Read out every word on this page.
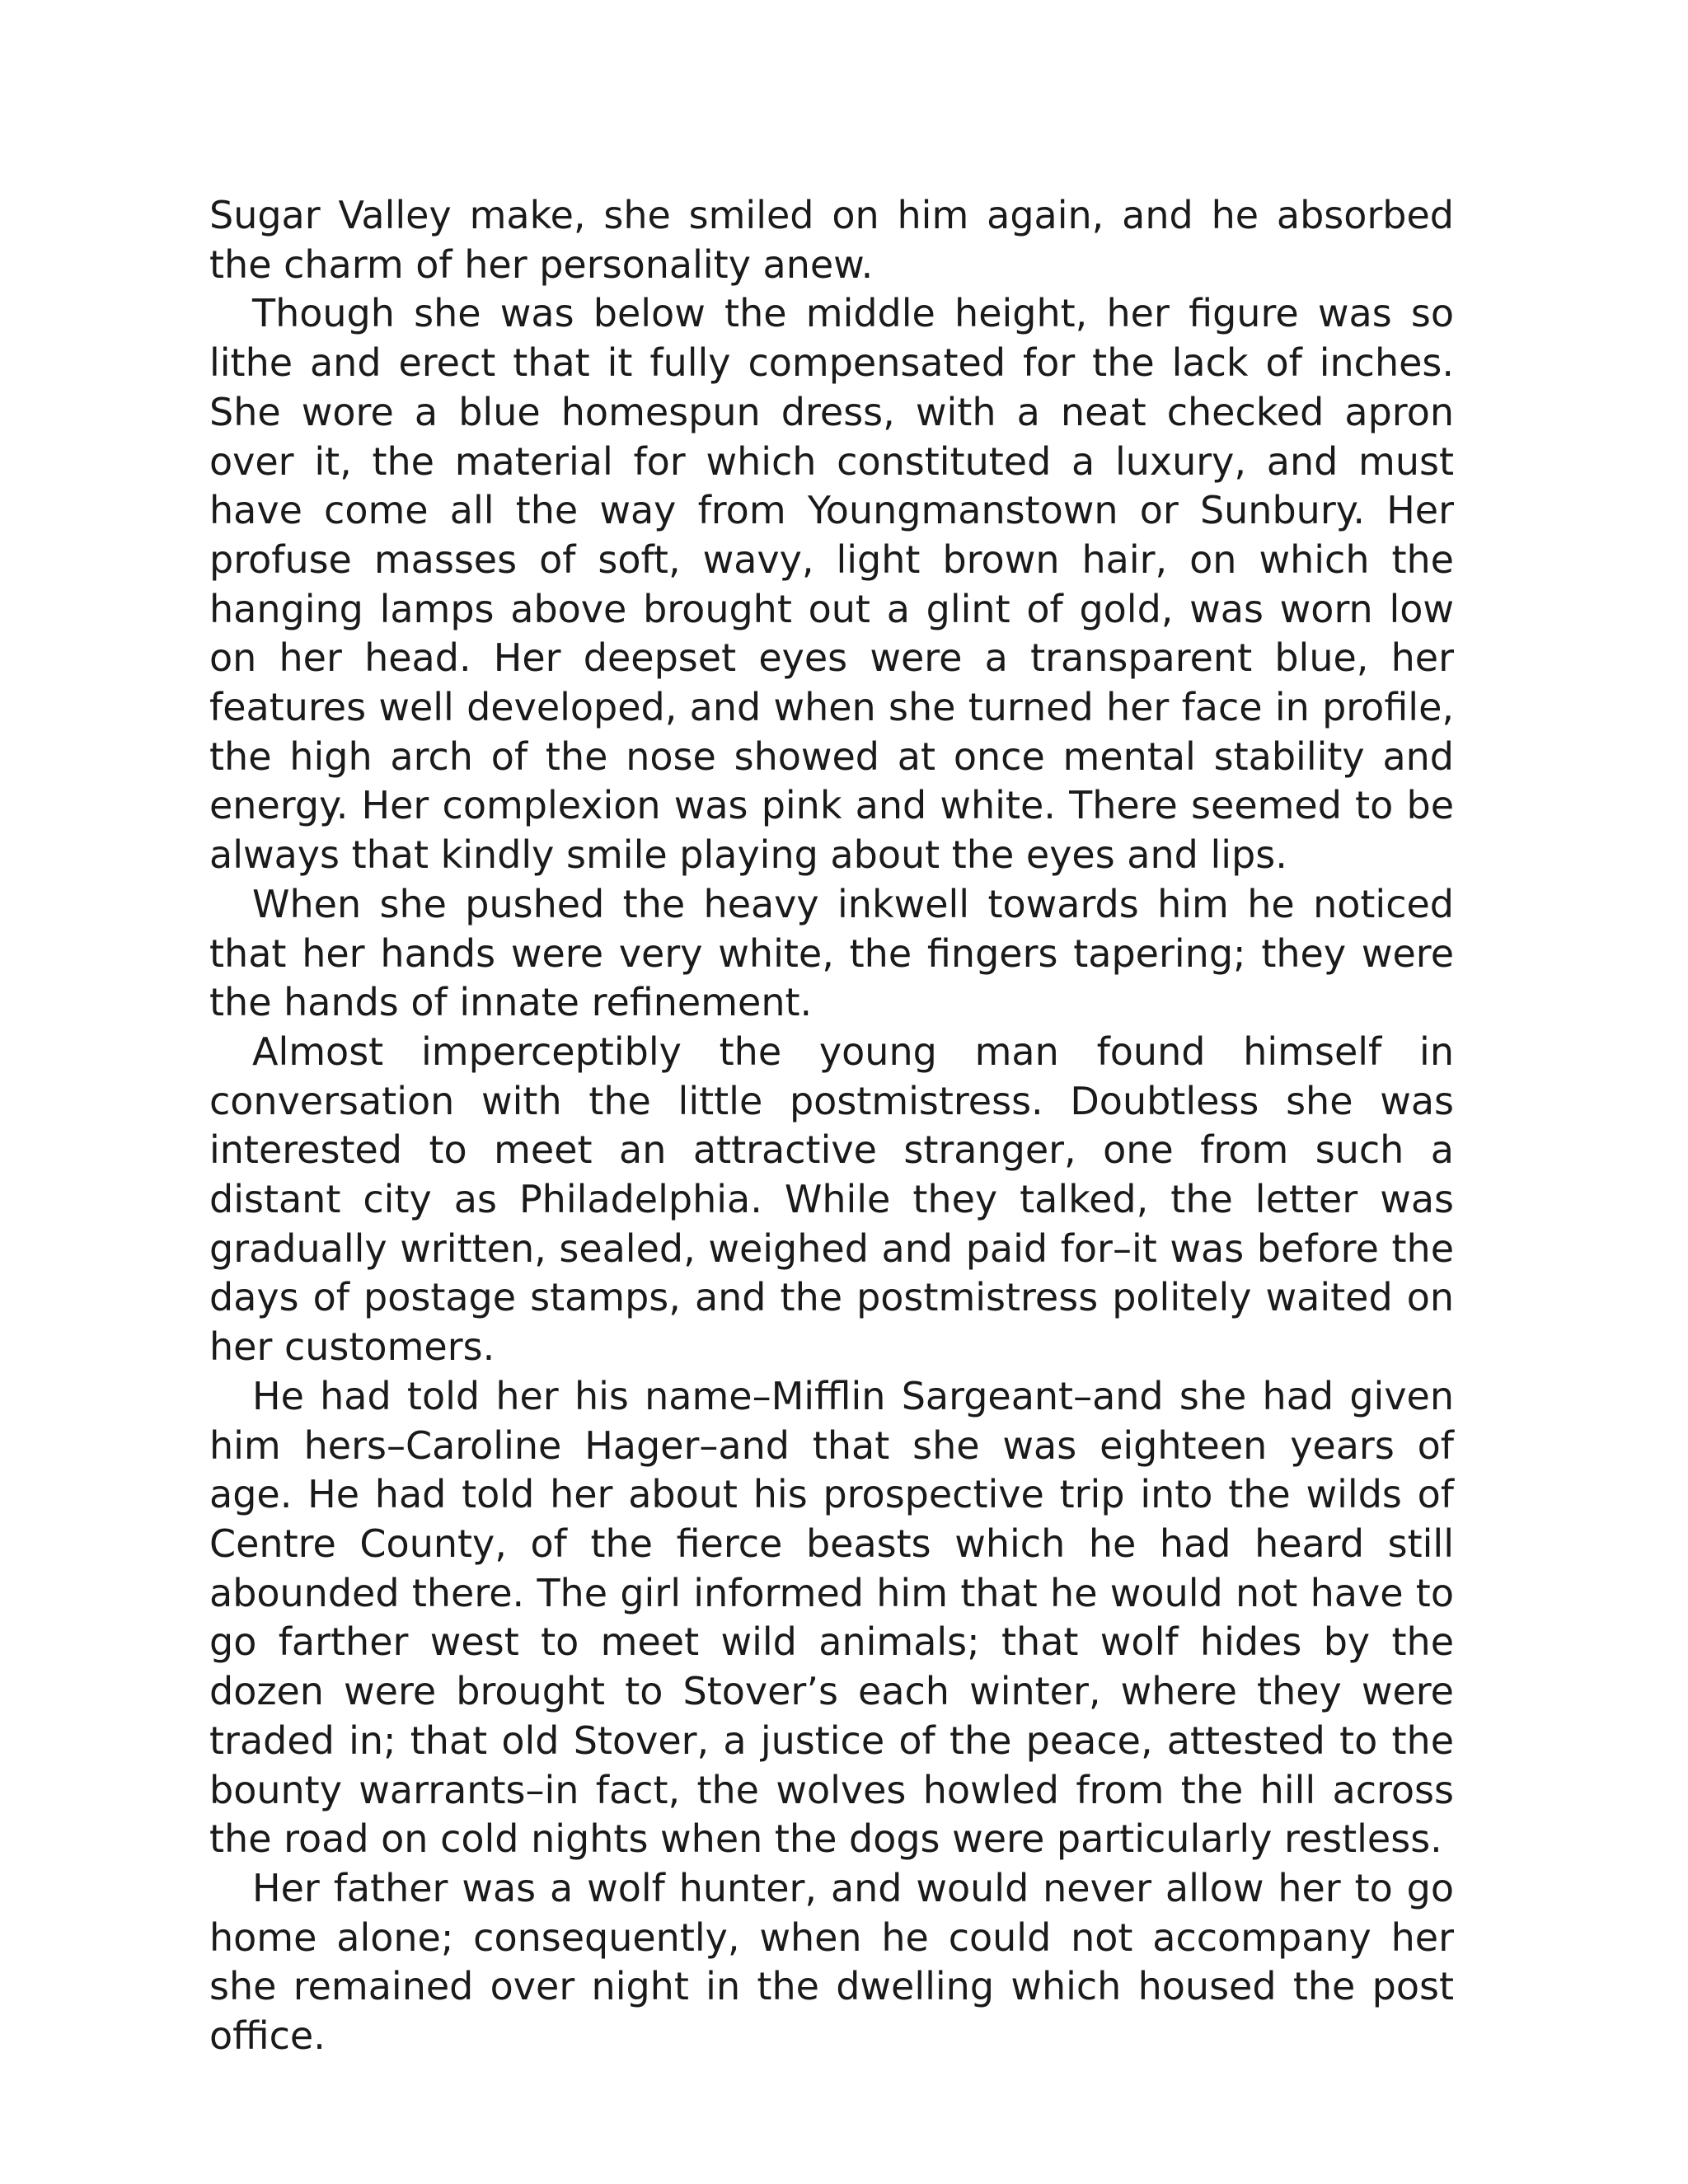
Sugar Valley make, she smiled on him again, and he absorbed the charm of her personality anew.

Though she was below the middle height, her figure was so lithe and erect that it fully compensated for the lack of inches. She wore a blue homespun dress, with a neat checked apron over it, the material for which constituted a luxury, and must have come all the way from Youngmanstown or Sunbury. Her profuse masses of soft, wavy, light brown hair, on which the hanging lamps above brought out a glint of gold, was worn low on her head. Her deepset eyes were a transparent blue, her features well developed, and when she turned her face in profile, the high arch of the nose showed at once mental stability and energy. Her complexion was pink and white. There seemed to be always that kindly smile playing about the eyes and lips.

When she pushed the heavy inkwell towards him he noticed that her hands were very white, the fingers tapering; they were the hands of innate refinement.

Almost imperceptibly the young man found himself in conversation with the little postmistress. Doubtless she was interested to meet an attractive stranger, one from such a distant city as Philadelphia. While they talked, the letter was gradually written, sealed, weighed and paid for–it was before the days of postage stamps, and the postmistress politely waited on her customers.

He had told her his name–Mifflin Sargeant–and she had given him hers–Caroline Hager–and that she was eighteen years of age. He had told her about his prospective trip into the wilds of Centre County, of the fierce beasts which he had heard still abounded there. The girl informed him that he would not have to go farther west to meet wild animals; that wolf hides by the dozen were brought to Stover’s each winter, where they were traded in; that old Stover, a justice of the peace, attested to the bounty warrants–in fact, the wolves howled from the hill across the road on cold nights when the dogs were particularly restless.

Her father was a wolf hunter, and would never allow her to go home alone; consequently, when he could not accompany her she remained over night in the dwelling which housed the post office.
